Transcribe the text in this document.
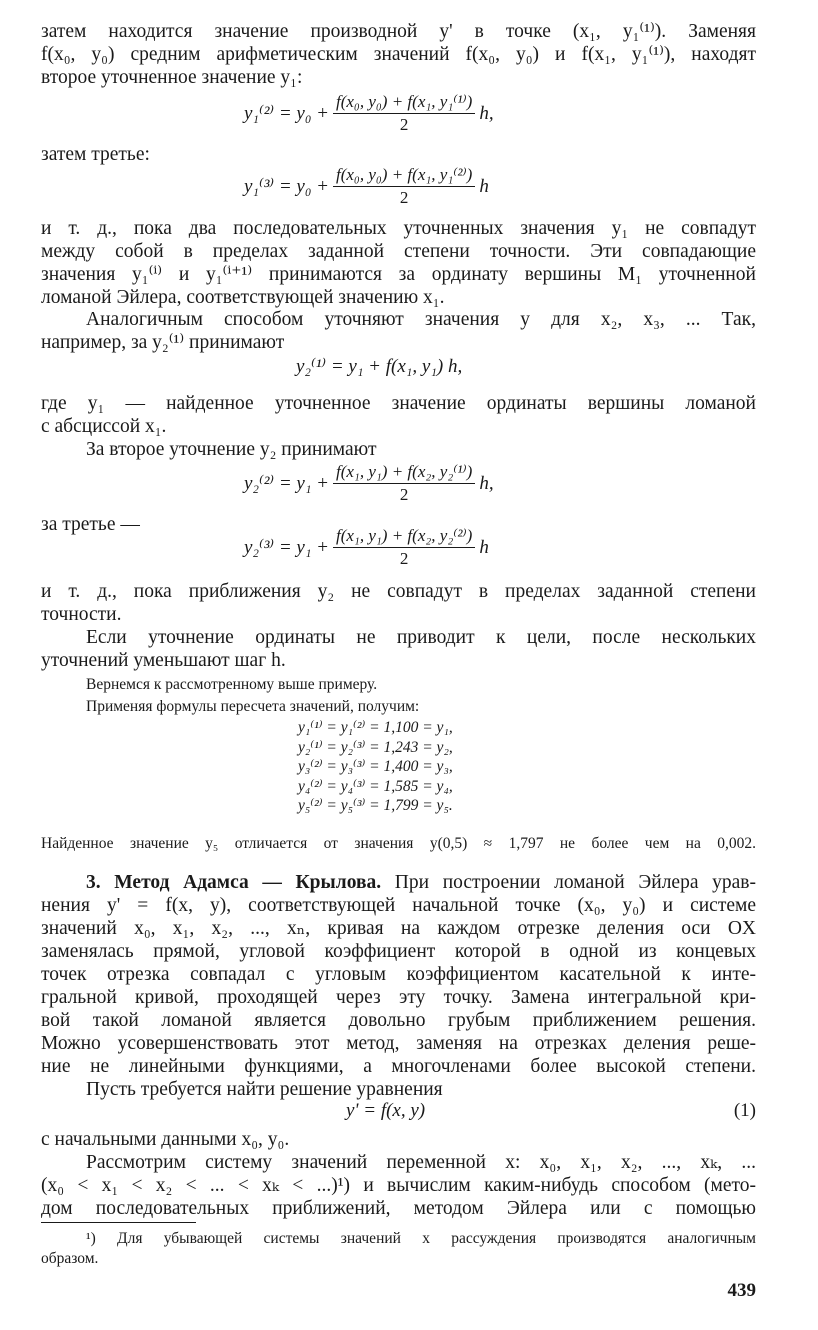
затем находится значение производной y' в точке (x₁, y₁⁽¹⁾). Заменяя
f(x₀, y₀) средним арифметическим значений f(x₀, y₀) и f(x₁, y₁⁽¹⁾), находят
второе уточненное значение y₁:
$y_1^{(2)} = y_0 + \frac{\text{f(x₀, y₀) + f(x₁, y₁⁽¹⁾)}}{2} h$,
затем третье:
$y_1^{(3)} = y_0 + \frac{\text{f(x₀, y₀) + f(x₁, y₁⁽²⁾)}}{2}$ h
и т. д., пока два последовательных уточненных значения y₁ не совпадут
между собой в пределах заданной степени точности. Эти совпадающие
значения y₁⁽ⁱ⁾ и y₁⁽ⁱ⁺¹⁾ принимаются за ординату вершины M₁ уточненной
ломаной Эйлера, соответствующей значению x₁.
Аналогичным способом уточняют значения y для x₂, x₃, ... Так,
например, за y₂⁽¹⁾ принимают
y₂⁽¹⁾ = y₁ + f(x₁, y₁) h,
где y₁ — найденное уточненное значение ординаты вершины ломаной
с абсциссой x₁.
За второе уточнение y₂ принимают
$y_2^{(2)} = y_1 + \frac{\text{f(x₁, y₁) + f(x₂, y₂⁽¹⁾)}}{2} h$,
за третье —
$y_2^{(3)} = y_1 + \frac{\text{f(x₁, y₁) + f(x₂, y₂⁽²⁾)}}{2}$ h
и т. д., пока приближения y₂ не совпадут в пределах заданной степени
точности.
Если уточнение ординаты не приводит к цели, после нескольких
уточнений уменьшают шаг h.
Вернемся к рассмотренному выше примеру.
Применяя формулы пересчета значений, получим:
y₁⁽¹⁾ = y₁⁽²⁾ = 1,100 = y₁,
y₂⁽¹⁾ = y₂⁽³⁾ = 1,243 = y₂,
y₃⁽²⁾ = y₃⁽³⁾ = 1,400 = y₃,
y₄⁽²⁾ = y₄⁽³⁾ = 1,585 = y₄,
y₅⁽²⁾ = y₅⁽³⁾ = 1,799 = y₅.
Найденное значение y₅ отличается от значения y(0,5) ≈ 1,797 не более чем на 0,002.
3. Метод Адамса — Крылова. При построении ломаной Эйлера урав-
нения y' = f(x, y), соответствующей начальной точке (x₀, y₀) и системе
значений x₀, x₁, x₂, ..., xₙ, кривая на каждом отрезке деления оси OX
заменялась прямой, угловой коэффициент которой в одной из концевых
точек отрезка совпадал с угловым коэффициентом касательной к инте-
гральной кривой, проходящей через эту точку. Замена интегральной кри-
вой такой ломаной является довольно грубым приближением решения.
Можно усовершенствовать этот метод, заменяя на отрезках деления реше-
ние не линейными функциями, а многочленами более высокой степени.
Пусть требуется найти решение уравнения
y' = f(x, y)	(1)
с начальными данными x₀, y₀.
Рассмотрим систему значений переменной x: x₀, x₁, x₂, ..., xₖ, ...
(x₀ < x₁ < x₂ < ... < xₖ < ...)¹) и вычислим каким-нибудь способом (мето-
дом последовательных приближений, методом Эйлера или с помощью
¹) Для убывающей системы значений x рассуждения производятся аналогичным
образом.
439
